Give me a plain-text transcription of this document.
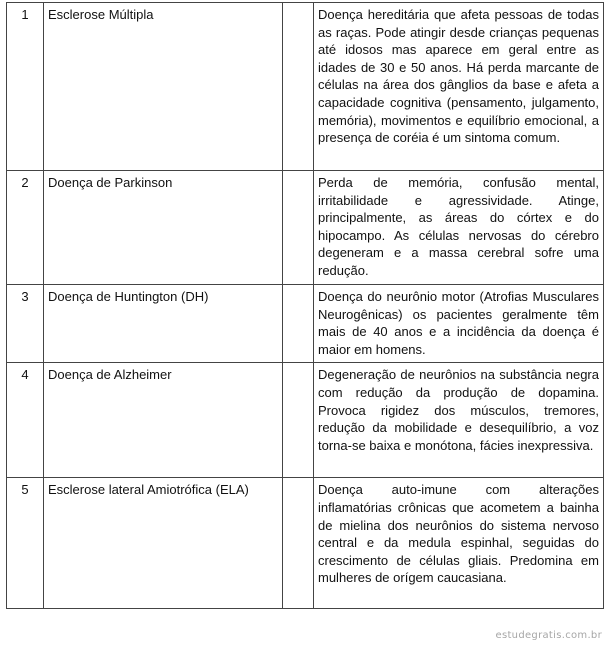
1	Esclerose Múltipla		Doença hereditária que afeta pessoas de todas as raças. Pode atingir desde crianças pequenas até idosos mas aparece em geral entre as idades de 30 e 50 anos. Há perda marcante de células na área dos gânglios da base e afeta a capacidade cognitiva (pensamento, julgamento, memória), movimentos e equilíbrio emocional, a presença de coréia é um sintoma comum.
2	Doença de Parkinson		Perda de memória, confusão mental, irritabilidade e agressividade. Atinge, principalmente, as áreas do córtex e do hipocampo. As células nervosas do cérebro degeneram e a massa cerebral sofre uma redução.
3	Doença de Huntington (DH)		Doença do neurônio motor (Atrofias Musculares Neurogênicas) os pacientes geralmente têm mais de 40 anos e a incidência da doença é maior em homens.
4	Doença de Alzheimer		Degeneração de neurônios na substância negra com redução da produção de dopamina. Provoca rigidez dos músculos, tremores, redução da mobilidade e desequilíbrio, a voz torna-se baixa e monótona, fácies inexpressiva.
5	Esclerose lateral Amiotrófica (ELA)		Doença auto-imune com alterações inflamatórias crônicas que acometem a bainha de mielina dos neurônios do sistema nervoso central e da medula espinhal, seguidas do crescimento de células gliais. Predomina em mulheres de orígem caucasiana.
estudegratis.com.br
